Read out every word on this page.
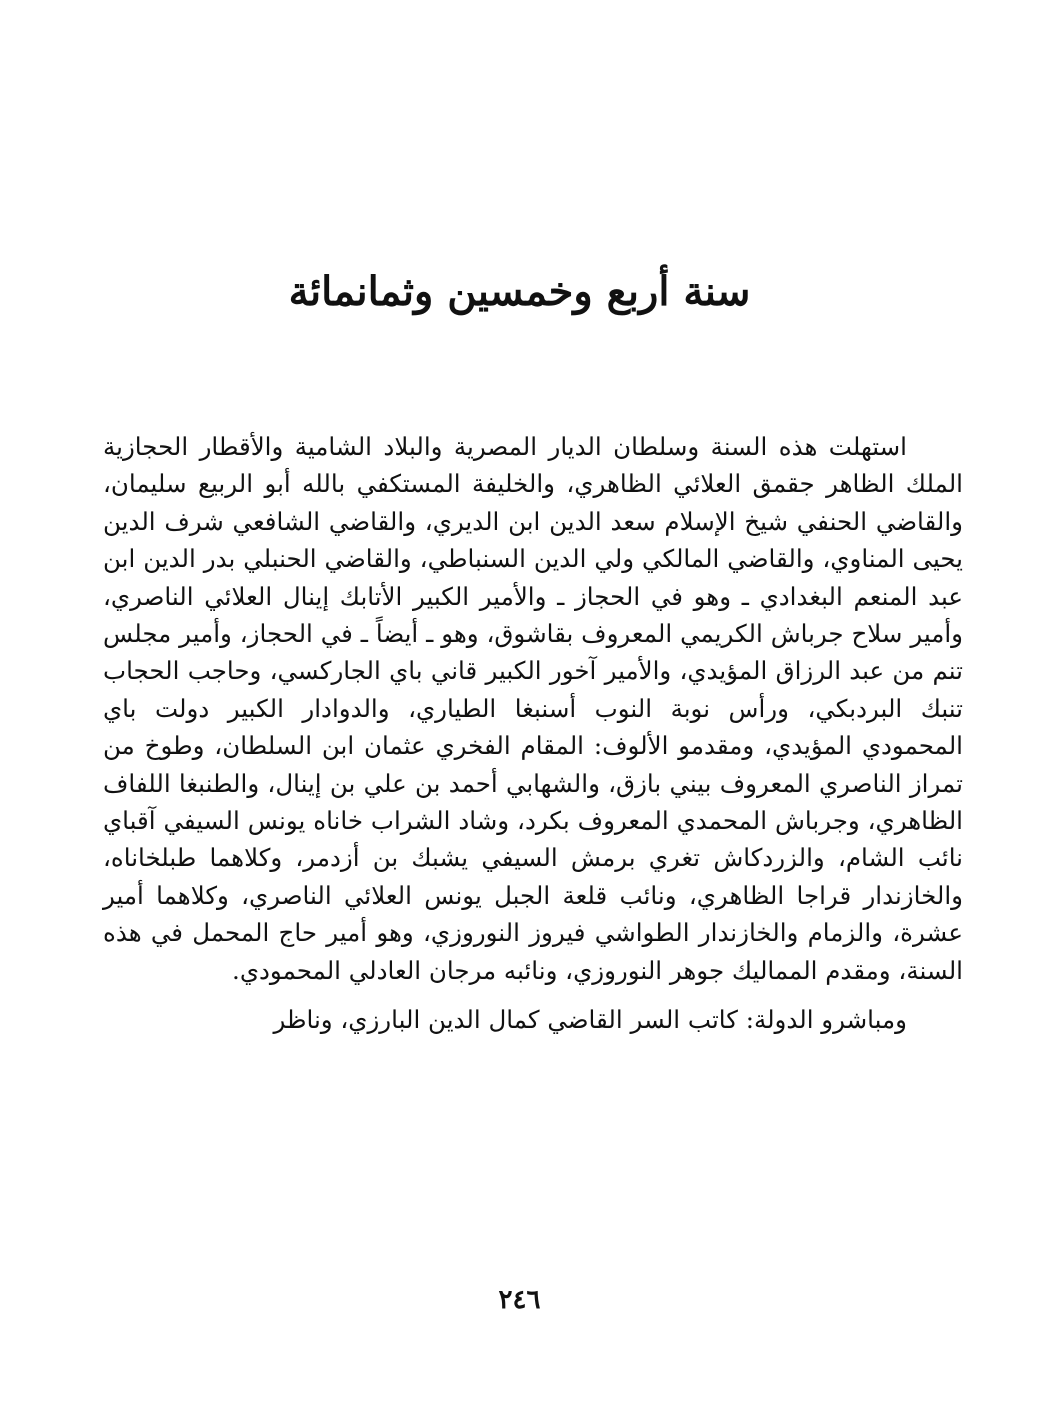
سنة أربع وخمسين وثمانمائة

استهلت هذه السنة وسلطان الديار المصرية والبلاد الشامية والأقطار الحجازية الملك الظاهر جقمق العلائي الظاهري، والخليفة المستكفي بالله أبو الربيع سليمان، والقاضي الحنفي شيخ الإسلام سعد الدين ابن الديري، والقاضي الشافعي شرف الدين يحيى المناوي، والقاضي المالكي ولي الدين السنباطي، والقاضي الحنبلي بدر الدين ابن عبد المنعم البغدادي ـ وهو في الحجاز ـ والأمير الكبير الأتابك إينال العلائي الناصري، وأمير سلاح جرباش الكريمي المعروف بقاشوق، وهو ـ أيضاً ـ في الحجاز، وأمير مجلس تنم من عبد الرزاق المؤيدي، والأمير آخور الكبير قاني باي الجاركسي، وحاجب الحجاب تنبك البردبكي، ورأس نوبة النوب أسنبغا الطياري، والدوادار الكبير دولت باي المحمودي المؤيدي، ومقدمو الألوف: المقام الفخري عثمان ابن السلطان، وطوخ من تمراز الناصري المعروف بيني بازق، والشهابي أحمد بن علي بن إينال، والطنبغا اللفاف الظاهري، وجرباش المحمدي المعروف بكرد، وشاد الشراب خاناه يونس السيفي آقباي نائب الشام، والزردكاش تغري برمش السيفي يشبك بن أزدمر، وكلاهما طبلخاناه، والخازندار قراجا الظاهري، ونائب قلعة الجبل يونس العلائي الناصري، وكلاهما أمير عشرة، والزمام والخازندار الطواشي فيروز النوروزي، وهو أمير حاج المحمل في هذه السنة، ومقدم المماليك جوهر النوروزي، ونائبه مرجان العادلي المحمودي.

ومباشرو الدولة: كاتب السر القاضي كمال الدين البارزي، وناظر

٢٤٦
